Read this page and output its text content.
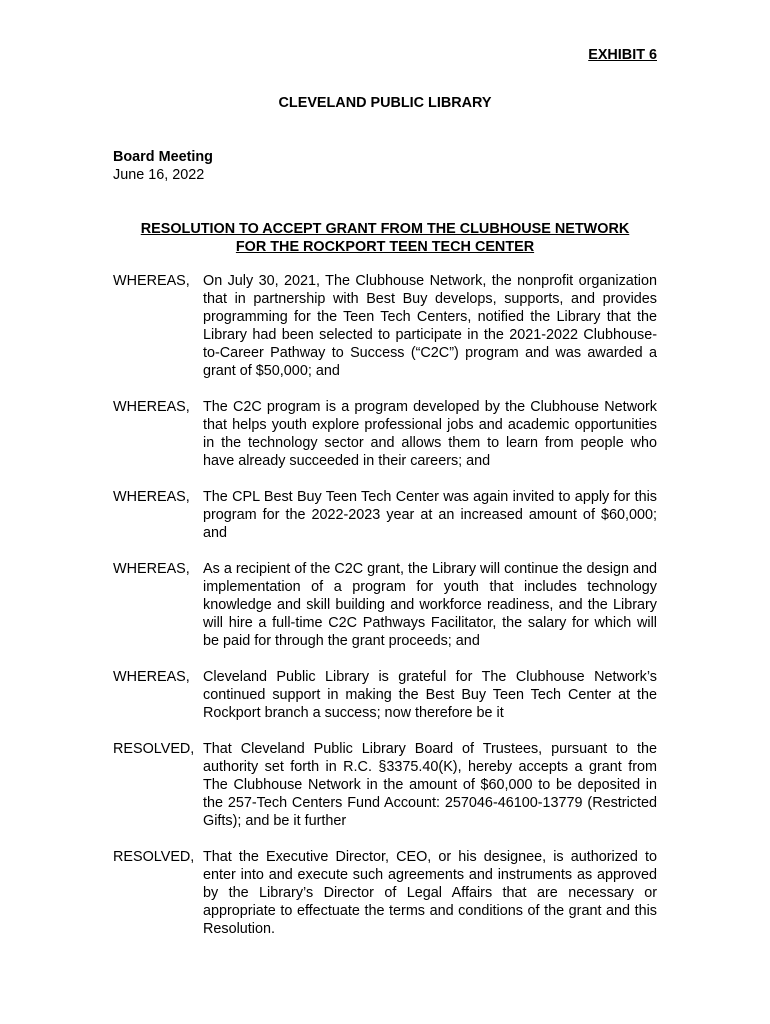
EXHIBIT 6
CLEVELAND PUBLIC LIBRARY
Board Meeting
June 16, 2022
RESOLUTION TO ACCEPT GRANT FROM THE CLUBHOUSE NETWORK
FOR THE ROCKPORT TEEN TECH CENTER
WHEREAS, On July 30, 2021, The Clubhouse Network, the nonprofit organization that in partnership with Best Buy develops, supports, and provides programming for the Teen Tech Centers, notified the Library that the Library had been selected to participate in the 2021-2022 Clubhouse-to-Career Pathway to Success (“C2C”) program and was awarded a grant of $50,000; and
WHEREAS, The C2C program is a program developed by the Clubhouse Network that helps youth explore professional jobs and academic opportunities in the technology sector and allows them to learn from people who have already succeeded in their careers; and
WHEREAS, The CPL Best Buy Teen Tech Center was again invited to apply for this program for the 2022-2023 year at an increased amount of $60,000; and
WHEREAS, As a recipient of the C2C grant, the Library will continue the design and implementation of a program for youth that includes technology knowledge and skill building and workforce readiness, and the Library will hire a full-time C2C Pathways Facilitator, the salary for which will be paid for through the grant proceeds; and
WHEREAS, Cleveland Public Library is grateful for The Clubhouse Network’s continued support in making the Best Buy Teen Tech Center at the Rockport branch a success; now therefore be it
RESOLVED, That Cleveland Public Library Board of Trustees, pursuant to the authority set forth in R.C. §3375.40(K), hereby accepts a grant from The Clubhouse Network in the amount of $60,000 to be deposited in the 257-Tech Centers Fund Account: 257046-46100-13779 (Restricted Gifts); and be it further
RESOLVED, That the Executive Director, CEO, or his designee, is authorized to enter into and execute such agreements and instruments as approved by the Library’s Director of Legal Affairs that are necessary or appropriate to effectuate the terms and conditions of the grant and this Resolution.
